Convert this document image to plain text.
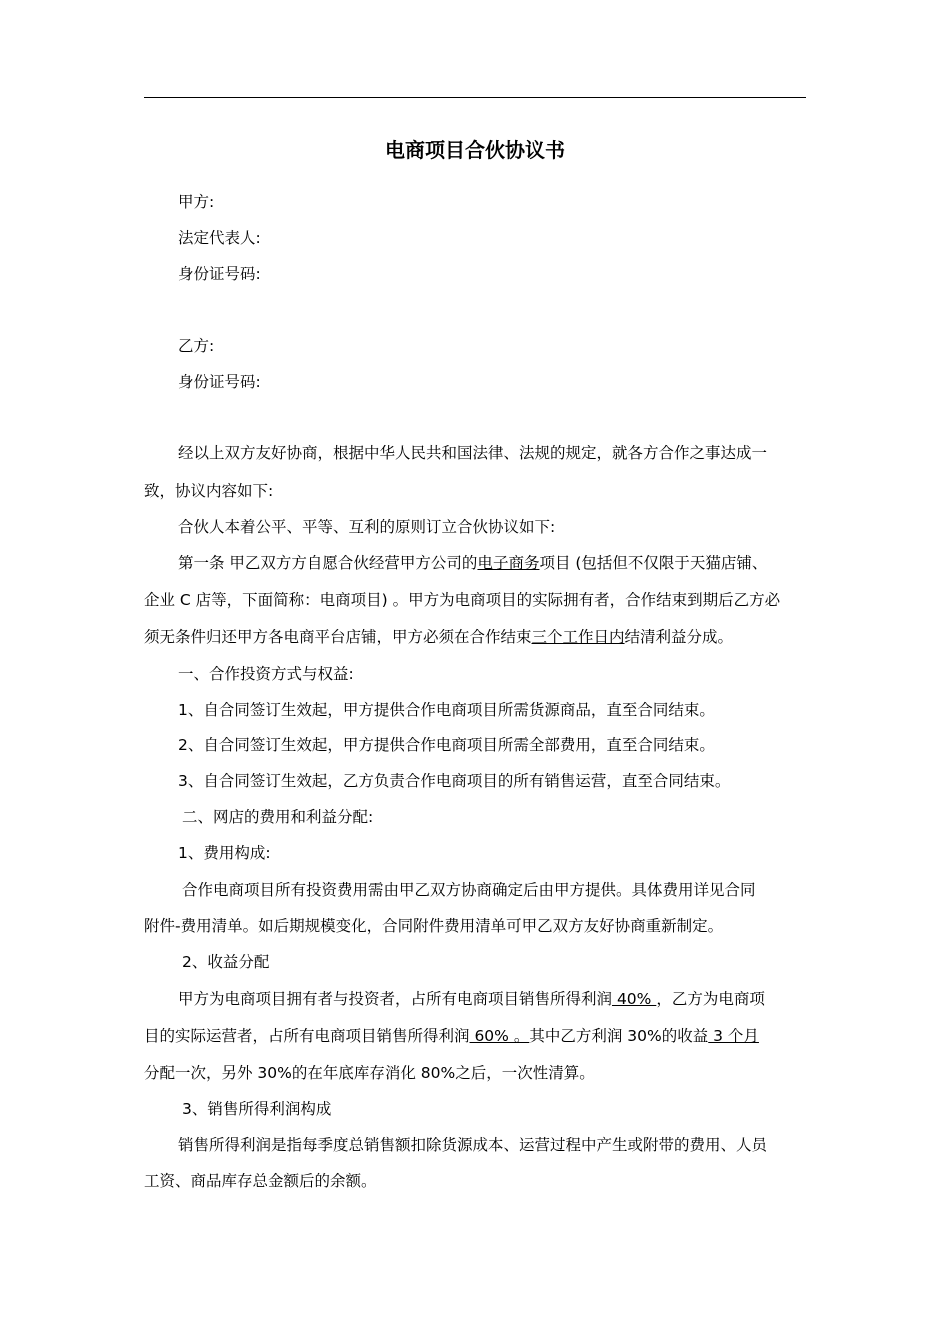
电商项目合伙协议书

甲方:

法定代表人:

身份证号码:

乙方:

身份证号码:

经以上双方友好协商，根据中华人民共和国法律、法规的规定，就各方合作之事达成一

致，协议内容如下:

合伙人本着公平、平等、互利的原则订立合伙协议如下:

第一条 甲乙双方方自愿合伙经营甲方公司的电子商务项目 (包括但不仅限于天猫店铺、

企业 C 店等，下面简称：电商项目) 。甲方为电商项目的实际拥有者，合作结束到期后乙方必

须无条件归还甲方各电商平台店铺，甲方必须在合作结束三个工作日内结清利益分成。

一、合作投资方式与权益:

1、自合同签订生效起，甲方提供合作电商项目所需货源商品，直至合同结束。

2、自合同签订生效起，甲方提供合作电商项目所需全部费用，直至合同结束。

3、自合同签订生效起，乙方负责合作电商项目的所有销售运营，直至合同结束。

二、网店的费用和利益分配:

1、费用构成:

合作电商项目所有投资费用需由甲乙双方协商确定后由甲方提供。具体费用详见合同

附件-费用清单。如后期规模变化，合同附件费用清单可甲乙双方友好协商重新制定。

2、收益分配

甲方为电商项目拥有者与投资者，占所有电商项目销售所得利润 40% ，乙方为电商项

目的实际运营者，占所有电商项目销售所得利润 60% 。其中乙方利润 30%的收益 3 个月

分配一次，另外 30%的在年底库存消化 80%之后，一次性清算。

3、销售所得利润构成

销售所得利润是指每季度总销售额扣除货源成本、运营过程中产生或附带的费用、人员

工资、商品库存总金额后的余额。
